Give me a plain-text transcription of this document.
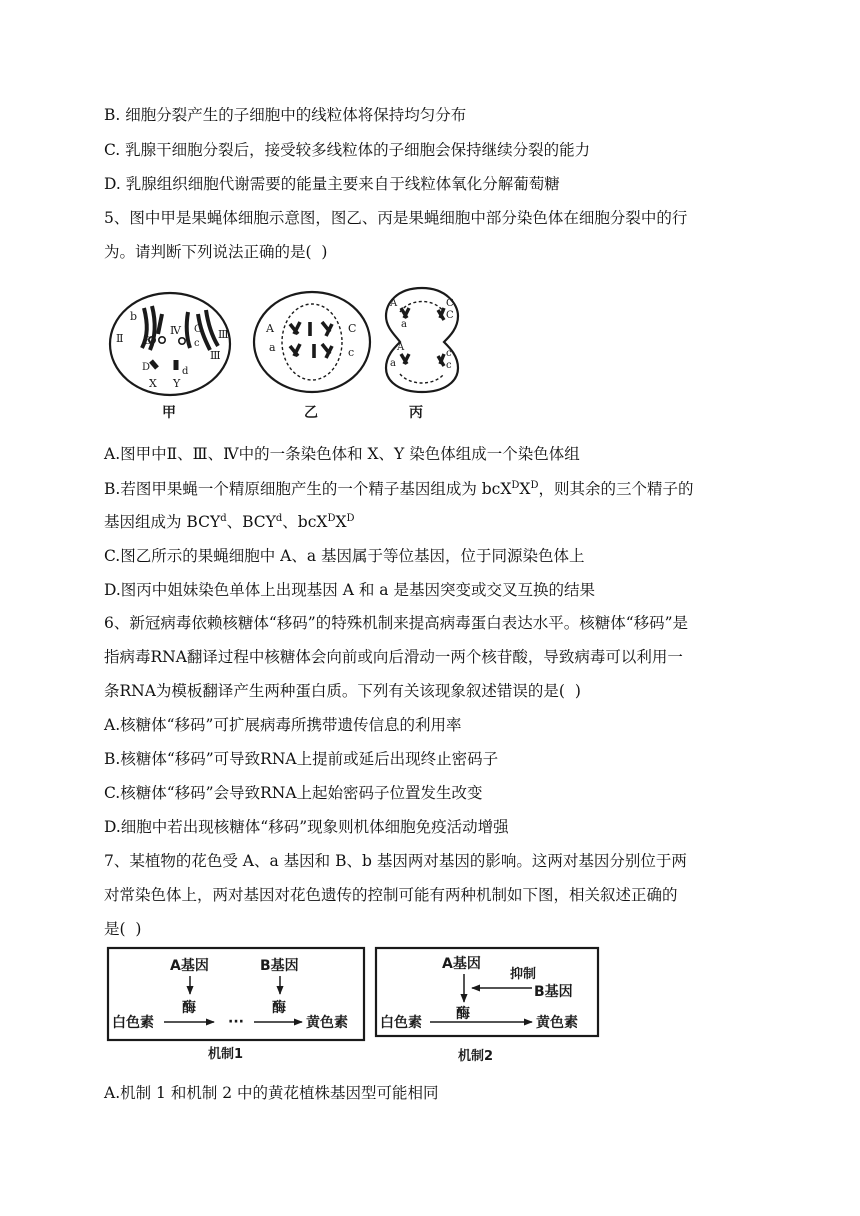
B. 细胞分裂产生的子细胞中的线粒体将保持均匀分布
C. 乳腺干细胞分裂后，接受较多线粒体的子细胞会保持继续分裂的能力
D. 乳腺组织细胞代谢需要的能量主要来自于线粒体氧化分解葡萄糖
5、图中甲是果蝇体细胞示意图，图乙、丙是果蝇细胞中部分染色体在细胞分裂中的行
为。请判断下列说法正确的是(  )
b
Ⅱ B
Ⅳ C Ⅲ
c
Ⅲ
D	d
X Y
甲
A	C
a	c
乙
A
a
C
C
A
a
c
c
丙
A.图甲中Ⅱ、Ⅲ、Ⅳ中的一条染色体和 X、Y 染色体组成一个染色体组
B.若图甲果蝇一个精原细胞产生的一个精子基因组成为 $bcX^DX^D$，则其余的三个精子的
基因组成为 BCY$^d$、BCY$^d$、$bcX^DX^D$
C.图乙所示的果蝇细胞中 A、a 基因属于等位基因，位于同源染色体上
D.图丙中姐妹染色单体上出现基因 A 和 a 是基因突变或交叉互换的结果
6、新冠病毒依赖核糖体“移码”的特殊机制来提高病毒蛋白表达水平。核糖体“移码”是
指病毒RNA翻译过程中核糖体会向前或向后滑动一两个核苷酸，导致病毒可以利用一
条RNA为模板翻译产生两种蛋白质。下列有关该现象叙述错误的是(  )
A.核糖体“移码”可扩展病毒所携带遗传信息的利用率
B.核糖体“移码”可导致RNA上提前或延后出现终止密码子
C.核糖体“移码”会导致RNA上起始密码子位置发生改变
D.细胞中若出现核糖体“移码”现象则机体细胞免疫活动增强
7、某植物的花色受 A、a 基因和 B、b 基因两对基因的影响。这两对基因分别位于两
对常染色体上，两对基因对花色遗传的控制可能有两种机制如下图，相关叙述正确的
是(  )
A基因	B基因
酶	酶
白色素	···	黄色素
机制1
A基因
抑制
B基因
酶
白色素	黄色素
机制2
A.机制 1 和机制 2 中的黄花植株基因型可能相同
